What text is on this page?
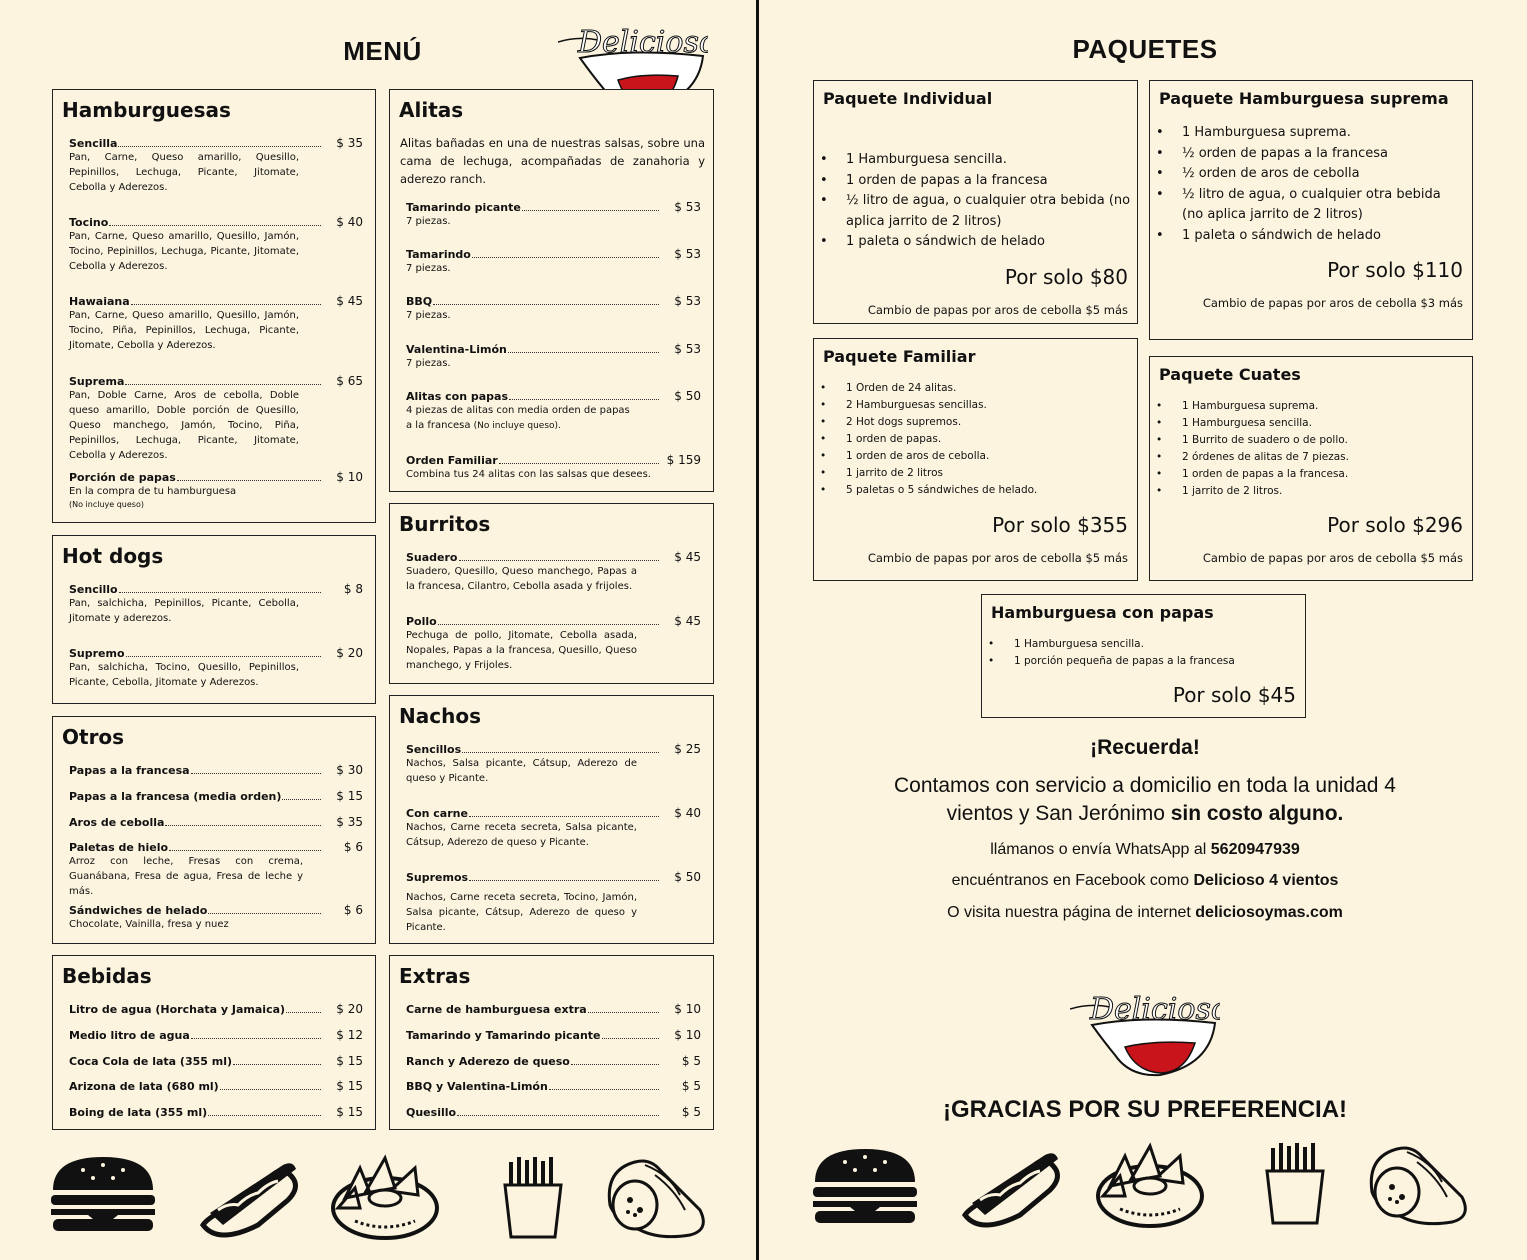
MENÚ	Delicioso
Hamburguesas
Sencilla	$ 35
Pan, Carne, Queso amarillo, Quesillo, Pepinillos, Lechuga, Picante, Jitomate, Cebolla y Aderezos.
Tocino	$ 40
Pan, Carne, Queso amarillo, Quesillo, Jamón, Tocino, Pepinillos, Lechuga, Picante, Jitomate, Cebolla y Aderezos.
Hawaiana	$ 45
Pan, Carne, Queso amarillo, Quesillo, Jamón, Tocino, Piña, Pepinillos, Lechuga, Picante, Jitomate, Cebolla y Aderezos.
Suprema	$ 65
Pan, Doble Carne, Aros de cebolla, Doble queso amarillo, Doble porción de Quesillo, Queso manchego, Jamón, Tocino, Piña, Pepinillos, Lechuga, Picante, Jitomate, Cebolla y Aderezos.
Porción de papas	$ 10
En la compra de tu hamburguesa
(No incluye queso)
Hot dogs
Sencillo	$ 8
Pan, salchicha, Pepinillos, Picante, Cebolla, Jitomate y aderezos.
Supremo	$ 20
Pan, salchicha, Tocino, Quesillo, Pepinillos, Picante, Cebolla, Jitomate y Aderezos.
Otros
Papas a la francesa	$ 30
Papas a la francesa (media orden)	$ 15
Aros de cebolla	$ 35
Paletas de hielo	$ 6
Arroz con leche, Fresas con crema, Guanábana, Fresa de agua, Fresa de leche y más.
Sándwiches de helado	$ 6
Chocolate, Vainilla, fresa y nuez
Bebidas
Litro de agua (Horchata y Jamaica)	$ 20
Medio litro de agua	$ 12
Coca Cola de lata (355 ml)	$ 15
Arizona de lata (680 ml)	$ 15
Boing de lata (355 ml)	$ 15
Alitas
Alitas bañadas en una de nuestras salsas, sobre una cama de lechuga, acompañadas de zanahoria y aderezo ranch.
Tamarindo picante	$ 53
7 piezas.
Tamarindo	$ 53
7 piezas.
BBQ	$ 53
7 piezas.
Valentina-Limón	$ 53
7 piezas.
Alitas con papas	$ 50
4 piezas de alitas con media orden de papas a la francesa (No incluye queso).
Orden Familiar	$ 159
Combina tus 24 alitas con las salsas que desees.
Burritos
Suadero	$ 45
Suadero, Quesillo, Queso manchego, Papas a la francesa, Cilantro, Cebolla asada y frijoles.
Pollo	$ 45
Pechuga de pollo, Jitomate, Cebolla asada, Nopales, Papas a la francesa, Quesillo, Queso manchego, y Frijoles.
Nachos
Sencillos	$ 25
Nachos, Salsa picante, Cátsup, Aderezo de queso y Picante.
Con carne	$ 40
Nachos, Carne receta secreta, Salsa picante, Cátsup, Aderezo de queso y Picante.
Supremos	$ 50
Nachos, Carne receta secreta, Tocino, Jamón, Salsa picante, Cátsup, Aderezo de queso y Picante.
Extras
Carne de hamburguesa extra	$ 10
Tamarindo y Tamarindo picante	$ 10
Ranch y Aderezo de queso	$ 5
BBQ y Valentina-Limón	$ 5
Quesillo	$ 5
PAQUETES
Paquete Individual
• 1 Hamburguesa sencilla.
• 1 orden de papas a la francesa
• ½ litro de agua, o cualquier otra bebida (no aplica jarrito de 2 litros)
• 1 paleta o sándwich de helado
Por solo $80
Cambio de papas por aros de cebolla $5 más
Paquete Hamburguesa suprema
• 1 Hamburguesa suprema.
• ½ orden de papas a la francesa
• ½ orden de aros de cebolla
• ½ litro de agua, o cualquier otra bebida (no aplica jarrito de 2 litros)
• 1 paleta o sándwich de helado
Por solo $110
Cambio de papas por aros de cebolla $3 más
Paquete Familiar
• 1 Orden de 24 alitas.
• 2 Hamburguesas sencillas.
• 2 Hot dogs supremos.
• 1 orden de papas.
• 1 orden de aros de cebolla.
• 1 jarrito de 2 litros
• 5 paletas o 5 sándwiches de helado.
Por solo $355
Cambio de papas por aros de cebolla $5 más
Paquete Cuates
• 1 Hamburguesa suprema.
• 1 Hamburguesa sencilla.
• 1 Burrito de suadero o de pollo.
• 2 órdenes de alitas de 7 piezas.
• 1 orden de papas a la francesa.
• 1 jarrito de 2 litros.
Por solo $296
Cambio de papas por aros de cebolla $5 más
Hamburguesa con papas
• 1 Hamburguesa sencilla.
• 1 porción pequeña de papas a la francesa
Por solo $45
¡Recuerda!
Contamos con servicio a domicilio en toda la unidad 4
vientos y San Jerónimo sin costo alguno.
llámanos o envía WhatsApp al 5620947939
encuéntranos en Facebook como Delicioso 4 vientos
O visita nuestra página de internet deliciosoymas.com
Delicioso
¡GRACIAS POR SU PREFERENCIA!
